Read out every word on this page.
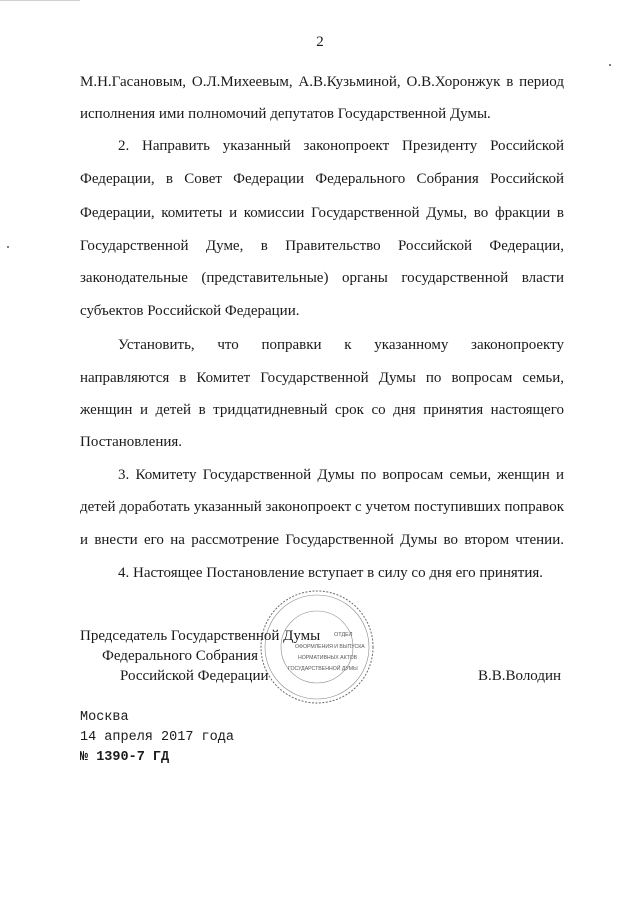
2
М.Н.Гасановым, О.Л.Михеевым, А.В.Кузьминой, О.В.Хоронжук в период
исполнения ими полномочий депутатов Государственной Думы.
2. Направить указанный законопроект Президенту Российской
Федерации, в Совет Федерации Федерального Собрания Российской
Федерации, комитеты и комиссии Государственной Думы, во фракции в
Государственной Думе, в Правительство Российской Федерации,
законодательные (представительные) органы государственной власти
субъектов Российской Федерации.
Установить, что поправки к указанному законопроекту
направляются в Комитет Государственной Думы по вопросам семьи,
женщин и детей в тридцатидневный срок со дня принятия настоящего
Постановления.
3. Комитету Государственной Думы по вопросам семьи, женщин и
детей доработать указанный законопроект с учетом поступивших поправок
и внести его на рассмотрение Государственной Думы во втором чтении.
4. Настоящее Постановление вступает в силу со дня его принятия.
ОТДЕЛ
ОФОРМЛЕНИЯ И ВЫПУСКА
НОРМАТИВНЫХ АКТОВ
ГОСУДАРСТВЕННОЙ ДУМЫ
Председатель Государственной Думы
Федерального Собрания
Российской Федерации	В.В.Володин
Москва
14 апреля 2017 года
№ 1390-7 ГД
